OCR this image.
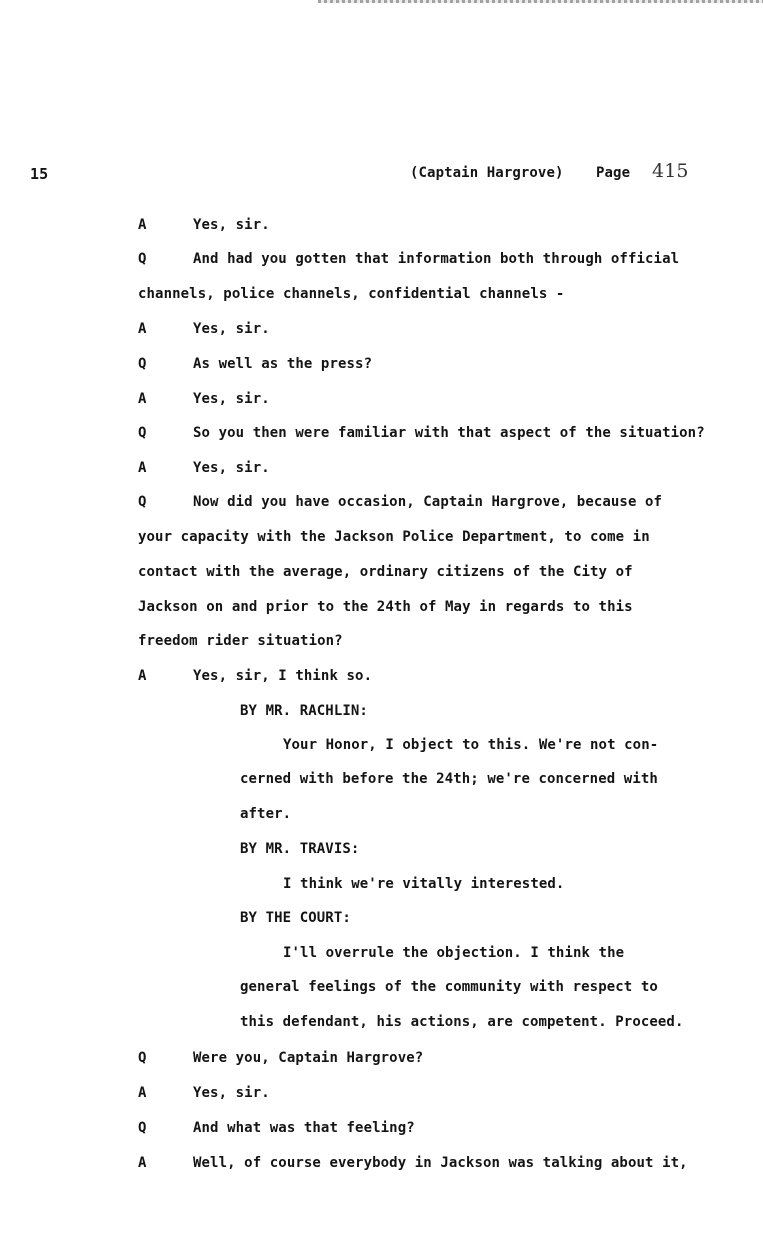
15	(Captain Hargrove) Page 415
A	Yes, sir.
Q	And had you gotten that information both through official
channels, police channels, confidential channels -
A	Yes, sir.
Q	As well as the press?
A	Yes, sir.
Q	So you then were familiar with that aspect of the situation?
A	Yes, sir.
Q	Now did you have occasion, Captain Hargrove, because of
your capacity with the Jackson Police Department, to come in
contact with the average, ordinary citizens of the City of
Jackson on and prior to the 24th of May in regards to this
freedom rider situation?
A	Yes, sir, I think so.
BY MR. RACHLIN:
Your Honor, I object to this. We're not con-
cerned with before the 24th; we're concerned with
after.
BY MR. TRAVIS:
I think we're vitally interested.
BY THE COURT:
I'll overrule the objection. I think the
general feelings of the community with respect to
this defendant, his actions, are competent. Proceed.
Q	Were you, Captain Hargrove?
A	Yes, sir.
Q	And what was that feeling?
A	Well, of course everybody in Jackson was talking about it,
